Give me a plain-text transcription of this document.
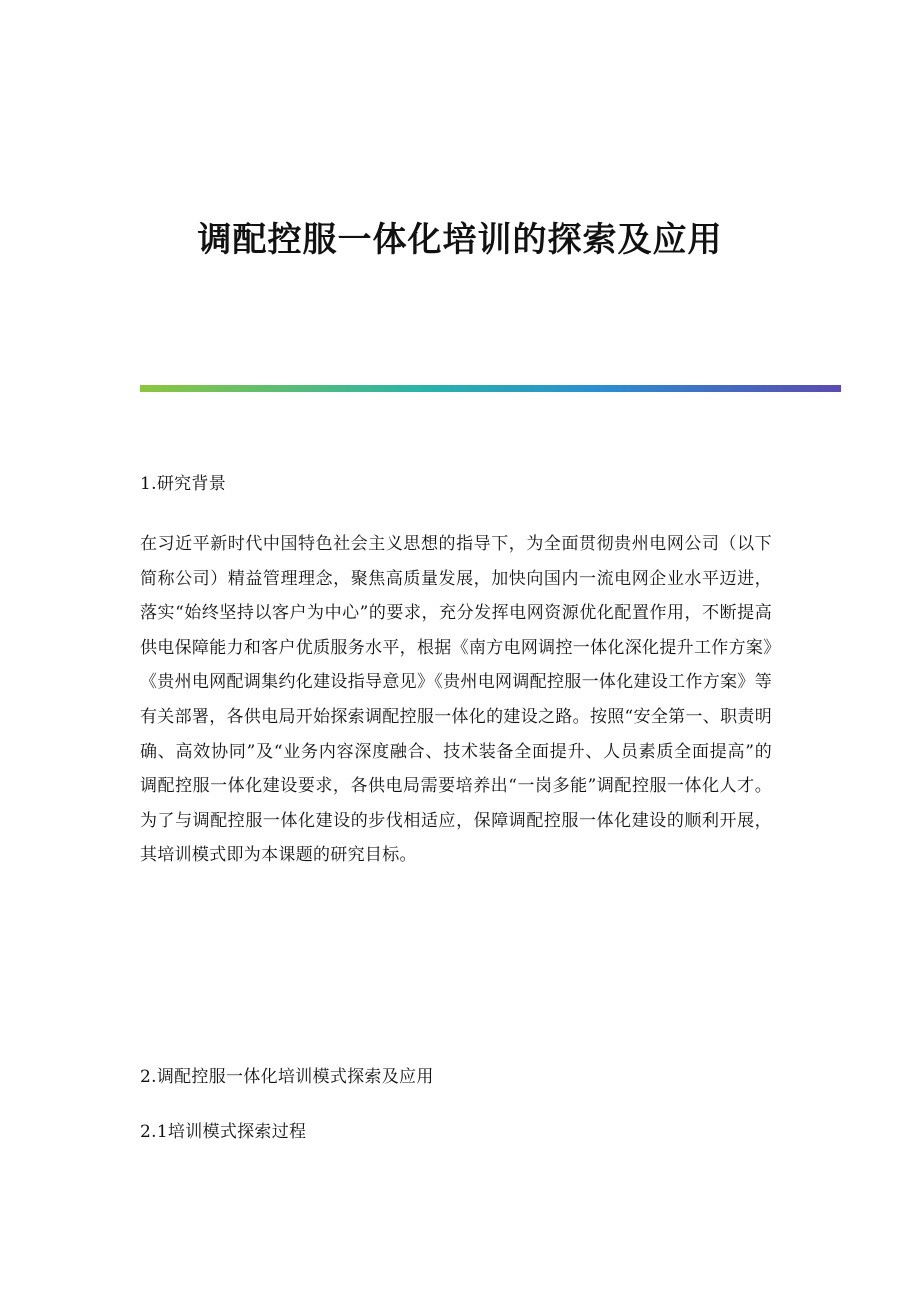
调配控服一体化培训的探索及应用

1.研究背景

在习近平新时代中国特色社会主义思想的指导下，为全面贯彻贵州电网公司（以下简称公司）精益管理理念，聚焦高质量发展，加快向国内一流电网企业水平迈进，落实“始终坚持以客户为中心”的要求，充分发挥电网资源优化配置作用，不断提高供电保障能力和客户优质服务水平，根据《南方电网调控一体化深化提升工作方案》《贵州电网配调集约化建设指导意见》《贵州电网调配控服一体化建设工作方案》等有关部署，各供电局开始探索调配控服一体化的建设之路。按照“安全第一、职责明确、高效协同”及“业务内容深度融合、技术装备全面提升、人员素质全面提高”的调配控服一体化建设要求，各供电局需要培养出“一岗多能”调配控服一体化人才。为了与调配控服一体化建设的步伐相适应，保障调配控服一体化建设的顺利开展，其培训模式即为本课题的研究目标。

2.调配控服一体化培训模式探索及应用

2.1培训模式探索过程
